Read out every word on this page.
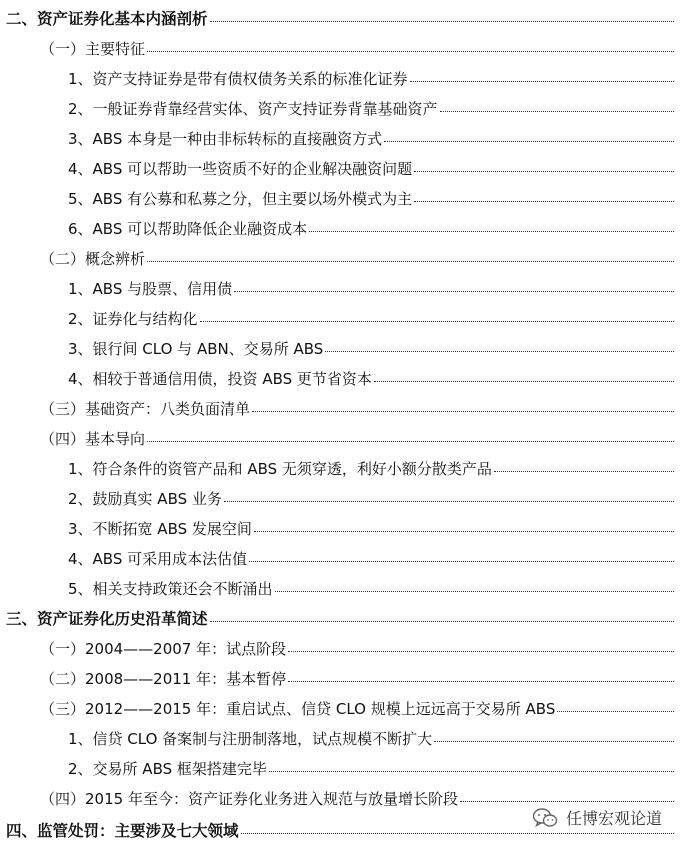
二、资产证券化基本内涵剖析
（一）主要特征
1、资产支持证券是带有债权债务关系的标准化证券
2、一般证券背靠经营实体、资产支持证券背靠基础资产
3、ABS 本身是一种由非标转标的直接融资方式
4、ABS 可以帮助一些资质不好的企业解决融资问题
5、ABS 有公募和私募之分，但主要以场外模式为主
6、ABS 可以帮助降低企业融资成本
（二）概念辨析
1、ABS 与股票、信用债
2、证券化与结构化
3、银行间 CLO 与 ABN、交易所 ABS
4、相较于普通信用债，投资 ABS 更节省资本
（三）基础资产：八类负面清单
（四）基本导向
1、符合条件的资管产品和 ABS 无须穿透，利好小额分散类产品
2、鼓励真实 ABS 业务
3、不断拓宽 ABS 发展空间
4、ABS 可采用成本法估值
5、相关支持政策还会不断涌出
三、资产证券化历史沿革简述
（一）2004——2007 年：试点阶段
（二）2008——2011 年：基本暂停
（三）2012——2015 年：重启试点、信贷 CLO 规模上远远高于交易所 ABS
1、信贷 CLO 备案制与注册制落地，试点规模不断扩大
2、交易所 ABS 框架搭建完毕
（四）2015 年至今：资产证券化业务进入规范与放量增长阶段
四、监管处罚：主要涉及七大领域
任博宏观论道
